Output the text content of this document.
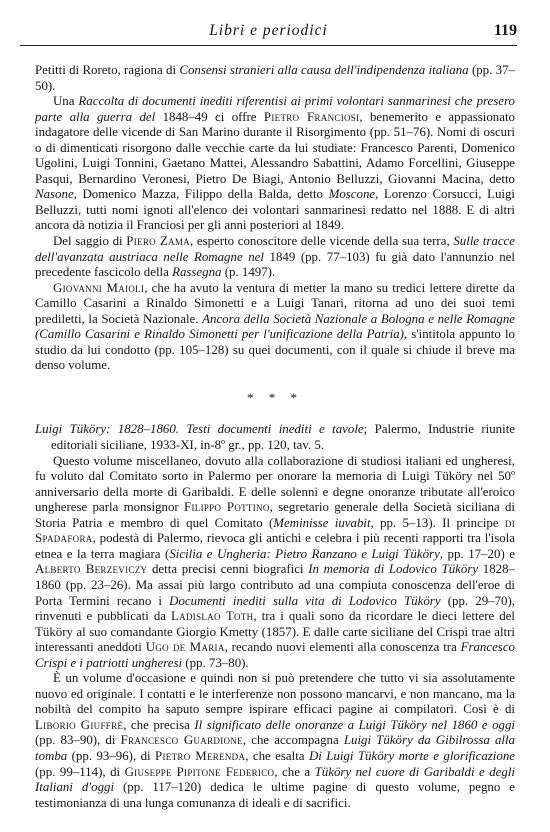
Libri e periodici	119

Petitti di Roreto, ragiona di Consensi stranieri alla causa dell'indipendenza italiana (pp. 37–50).

Una Raccolta di documenti inediti riferentisi ai primi volontari sanmarinesi che presero parte alla guerra del 1848–49 ci offre Pietro Franciosi, benemerito e appassionato indagatore delle vicende di San Marino durante il Risorgimento (pp. 51–76). Nomi di oscuri o di dimenticati risorgono dalle vecchie carte da lui studiate: Francesco Parenti, Domenico Ugolini, Luigi Tonnini, Gaetano Mattei, Alessandro Sabattini, Adamo Forcellini, Giuseppe Pasqui, Bernardino Veronesi, Pietro De Biagi, Antonio Belluzzi, Giovanni Macina, detto Nasone, Domenico Mazza, Filippo della Balda, detto Moscone, Lorenzo Corsucci, Luigi Belluzzi, tutti nomi ignoti all'elenco dei volontari sanmarinesi redatto nel 1888. E di altri ancora dà notizia il Franciosi per gli anni posteriori al 1849.

Del saggio di Piero Zama, esperto conoscitore delle vicende della sua terra, Sulle tracce dell'avanzata austriaca nelle Romagne nel 1849 (pp. 77–103) fu già dato l'annunzio nel precedente fascicolo della Rassegna (p. 1497).

Giovanni Maioli, che ha avuto la ventura di metter la mano su tredici lettere dirette da Camillo Casarini a Rinaldo Simonetti e a Luigi Tanari, ritorna ad uno dei suoi temi prediletti, la Società Nazionale. Ancora della Società Nazionale a Bologna e nelle Romagne (Camillo Casarini e Rinaldo Simonetti per l'unificazione della Patria), s'intitola appunto lo studio da lui condotto (pp. 105–128) su quei documenti, con il quale si chiude il breve ma denso volume.

* * *

Luigi Tüköry: 1828–1860. Testi documenti inediti e tavole; Palermo, Industrie riunite editoriali siciliane, 1933-XI, in-8º gr., pp. 120, tav. 5.

Questo volume miscellaneo, dovuto alla collaborazione di studiosi italiani ed ungheresi, fu voluto dal Comitato sorto in Palermo per onorare la memoria di Luigi Tüköry nel 50º anniversario della morte di Garibaldi. E delle solenni e degne onoranze tributate all'eroico ungherese parla monsignor Filippo Pottino, segretario generale della Società siciliana di Storia Patria e membro di quel Comitato (Meminisse iuvabit, pp. 5–13). Il principe di Spadafora, podestà di Palermo, rievoca gli antichi e celebra i più recenti rapporti tra l'isola etnea e la terra magiara (Sicilia e Ungheria: Pietro Ranzano e Luigi Tüköry, pp. 17–20) e Alberto Berzeviczy detta precisi cenni biografici In memoria di Lodovico Tüköry 1828–1860 (pp. 23–26). Ma assai più largo contributo ad una compiuta conoscenza dell'eroe di Porta Termini recano i Documenti inediti sulla vita di Lodovico Tüköry (pp. 29–70), rinvenuti e pubblicati da Ladislao Toth, tra i quali sono da ricordare le dieci lettere del Tüköry al suo comandante Giorgio Kmetty (1857). E dalle carte siciliane del Crispi trae altri interessanti aneddoti Ugo de Maria, recando nuovi elementi alla conoscenza tra Francesco Crispi e i patriotti ungheresi (pp. 73–80).

È un volume d'occasione e quindi non si può pretendere che tutto vi sia assolutamente nuovo ed originale. I contatti e le interferenze non possono mancarvi, e non mancano, ma la nobiltà del compito ha saputo sempre ispirare efficaci pagine ai compilatori. Così è di Liborio Giuffrè, che precisa Il significato delle onoranze a Luigi Tüköry nel 1860 e oggi (pp. 83–90), di Francesco Guardione, che accompagna Luigi Tüköry da Gibilrossa alla tomba (pp. 93–96), di Pietro Merenda, che esalta Di Luigi Tüköry morte e glorificazione (pp. 99–114), di Giuseppe Pipitone Federico, che a Tüköry nel cuore di Garibaldi e degli Italiani d'oggi (pp. 117–120) dedica le ultime pagine di questo volume, pegno e testimonianza di una lunga comunanza di ideali e di sacrifici.
